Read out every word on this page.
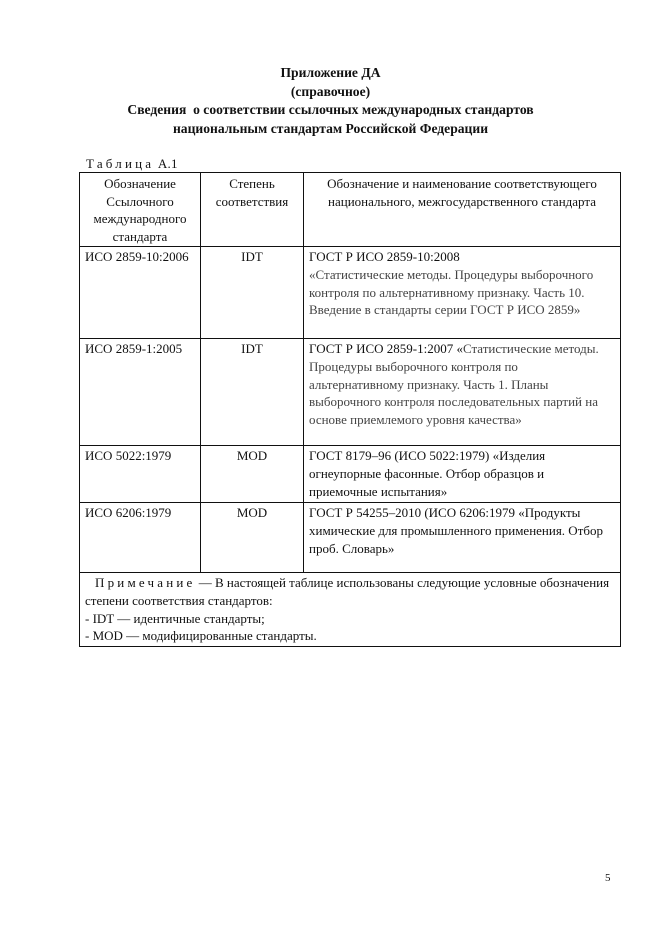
Приложение ДА
(справочное)
Сведения  о соответствии ссылочных международных стандартов
национальным стандартам Российской Федерации
Таблица А.1
Обозначение Ссылочного международного стандарта	Степень соответствия	Обозначение и наименование соответствующего национального, межгосударственного стандарта
ИСО 2859-10:2006	IDT	ГОСТ Р ИСО 2859-10:2008
«Статистические методы. Процедуры выборочного контроля по альтернативному признаку. Часть 10. Введение в стандарты серии ГОСТ Р ИСО 2859»
ИСО 2859-1:2005	IDT	ГОСТ Р ИСО 2859-1:2007 «Статистические методы. Процедуры выборочного контроля по альтернативному признаку. Часть 1. Планы выборочного контроля последовательных партий на основе приемлемого уровня качества»
ИСО 5022:1979	MOD	ГОСТ 8179–96 (ИСО 5022:1979) «Изделия огнеупорные фасонные. Отбор образцов и приемочные испытания»
ИСО 6206:1979	MOD	ГОСТ Р 54255–2010 (ИСО 6206:1979 «Продукты химические для промышленного применения. Отбор проб. Словарь»
Примечание — В настоящей таблице использованы следующие условные обозначения степени соответствия стандартов:
- IDT — идентичные стандарты;
- MOD — модифицированные стандарты.		
5
